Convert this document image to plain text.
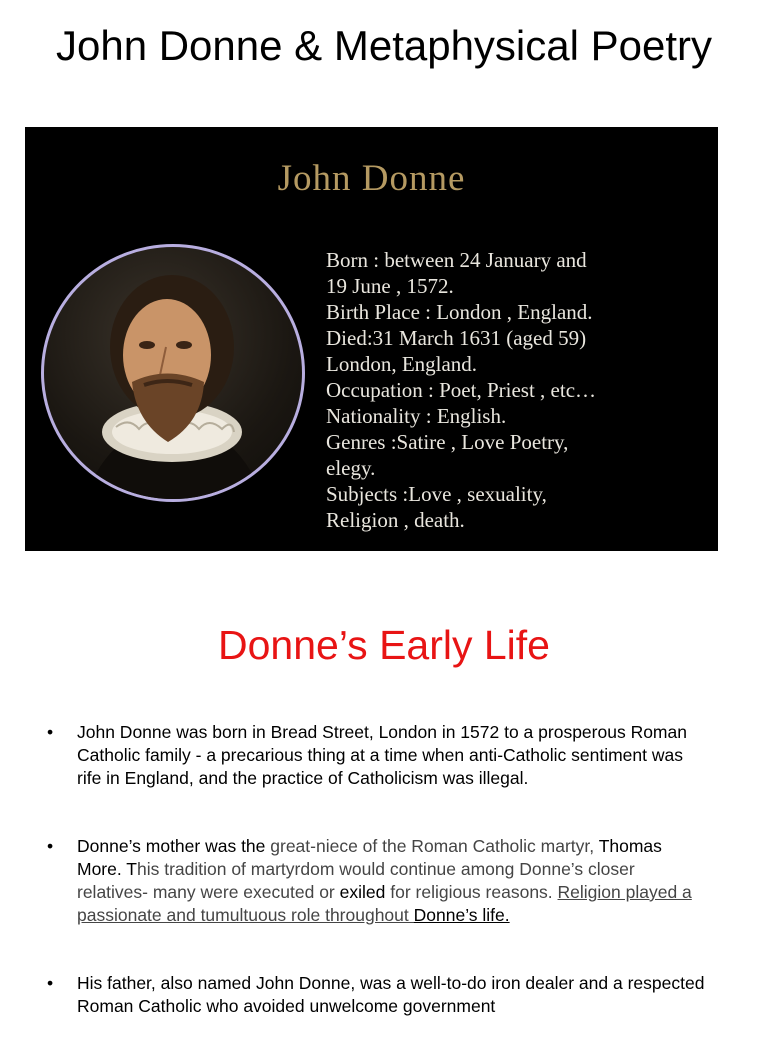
John Donne & Metaphysical Poetry
John Donne
Born : between 24 January and
19 June , 1572.
Birth Place : London , England.
Died:31 March 1631 (aged 59)
London, England.
Occupation : Poet, Priest , etc…
Nationality : English.
Genres :Satire , Love Poetry,
elegy.
Subjects :Love , sexuality,
Religion , death.
Donne’s Early Life
• John Donne was born in Bread Street, London in 1572 to a prosperous Roman Catholic family - a precarious thing at a time when anti-Catholic sentiment was rife in England, and the practice of Catholicism was illegal.
• Donne’s mother was the great-niece of the Roman Catholic martyr, Thomas More. This tradition of martyrdom would continue among Donne’s closer relatives- many were executed or exiled for religious reasons. Religion played a passionate and tumultuous role throughout Donne’s life.
• His father, also named John Donne, was a well-to-do iron dealer and a respected Roman Catholic who avoided unwelcome government
